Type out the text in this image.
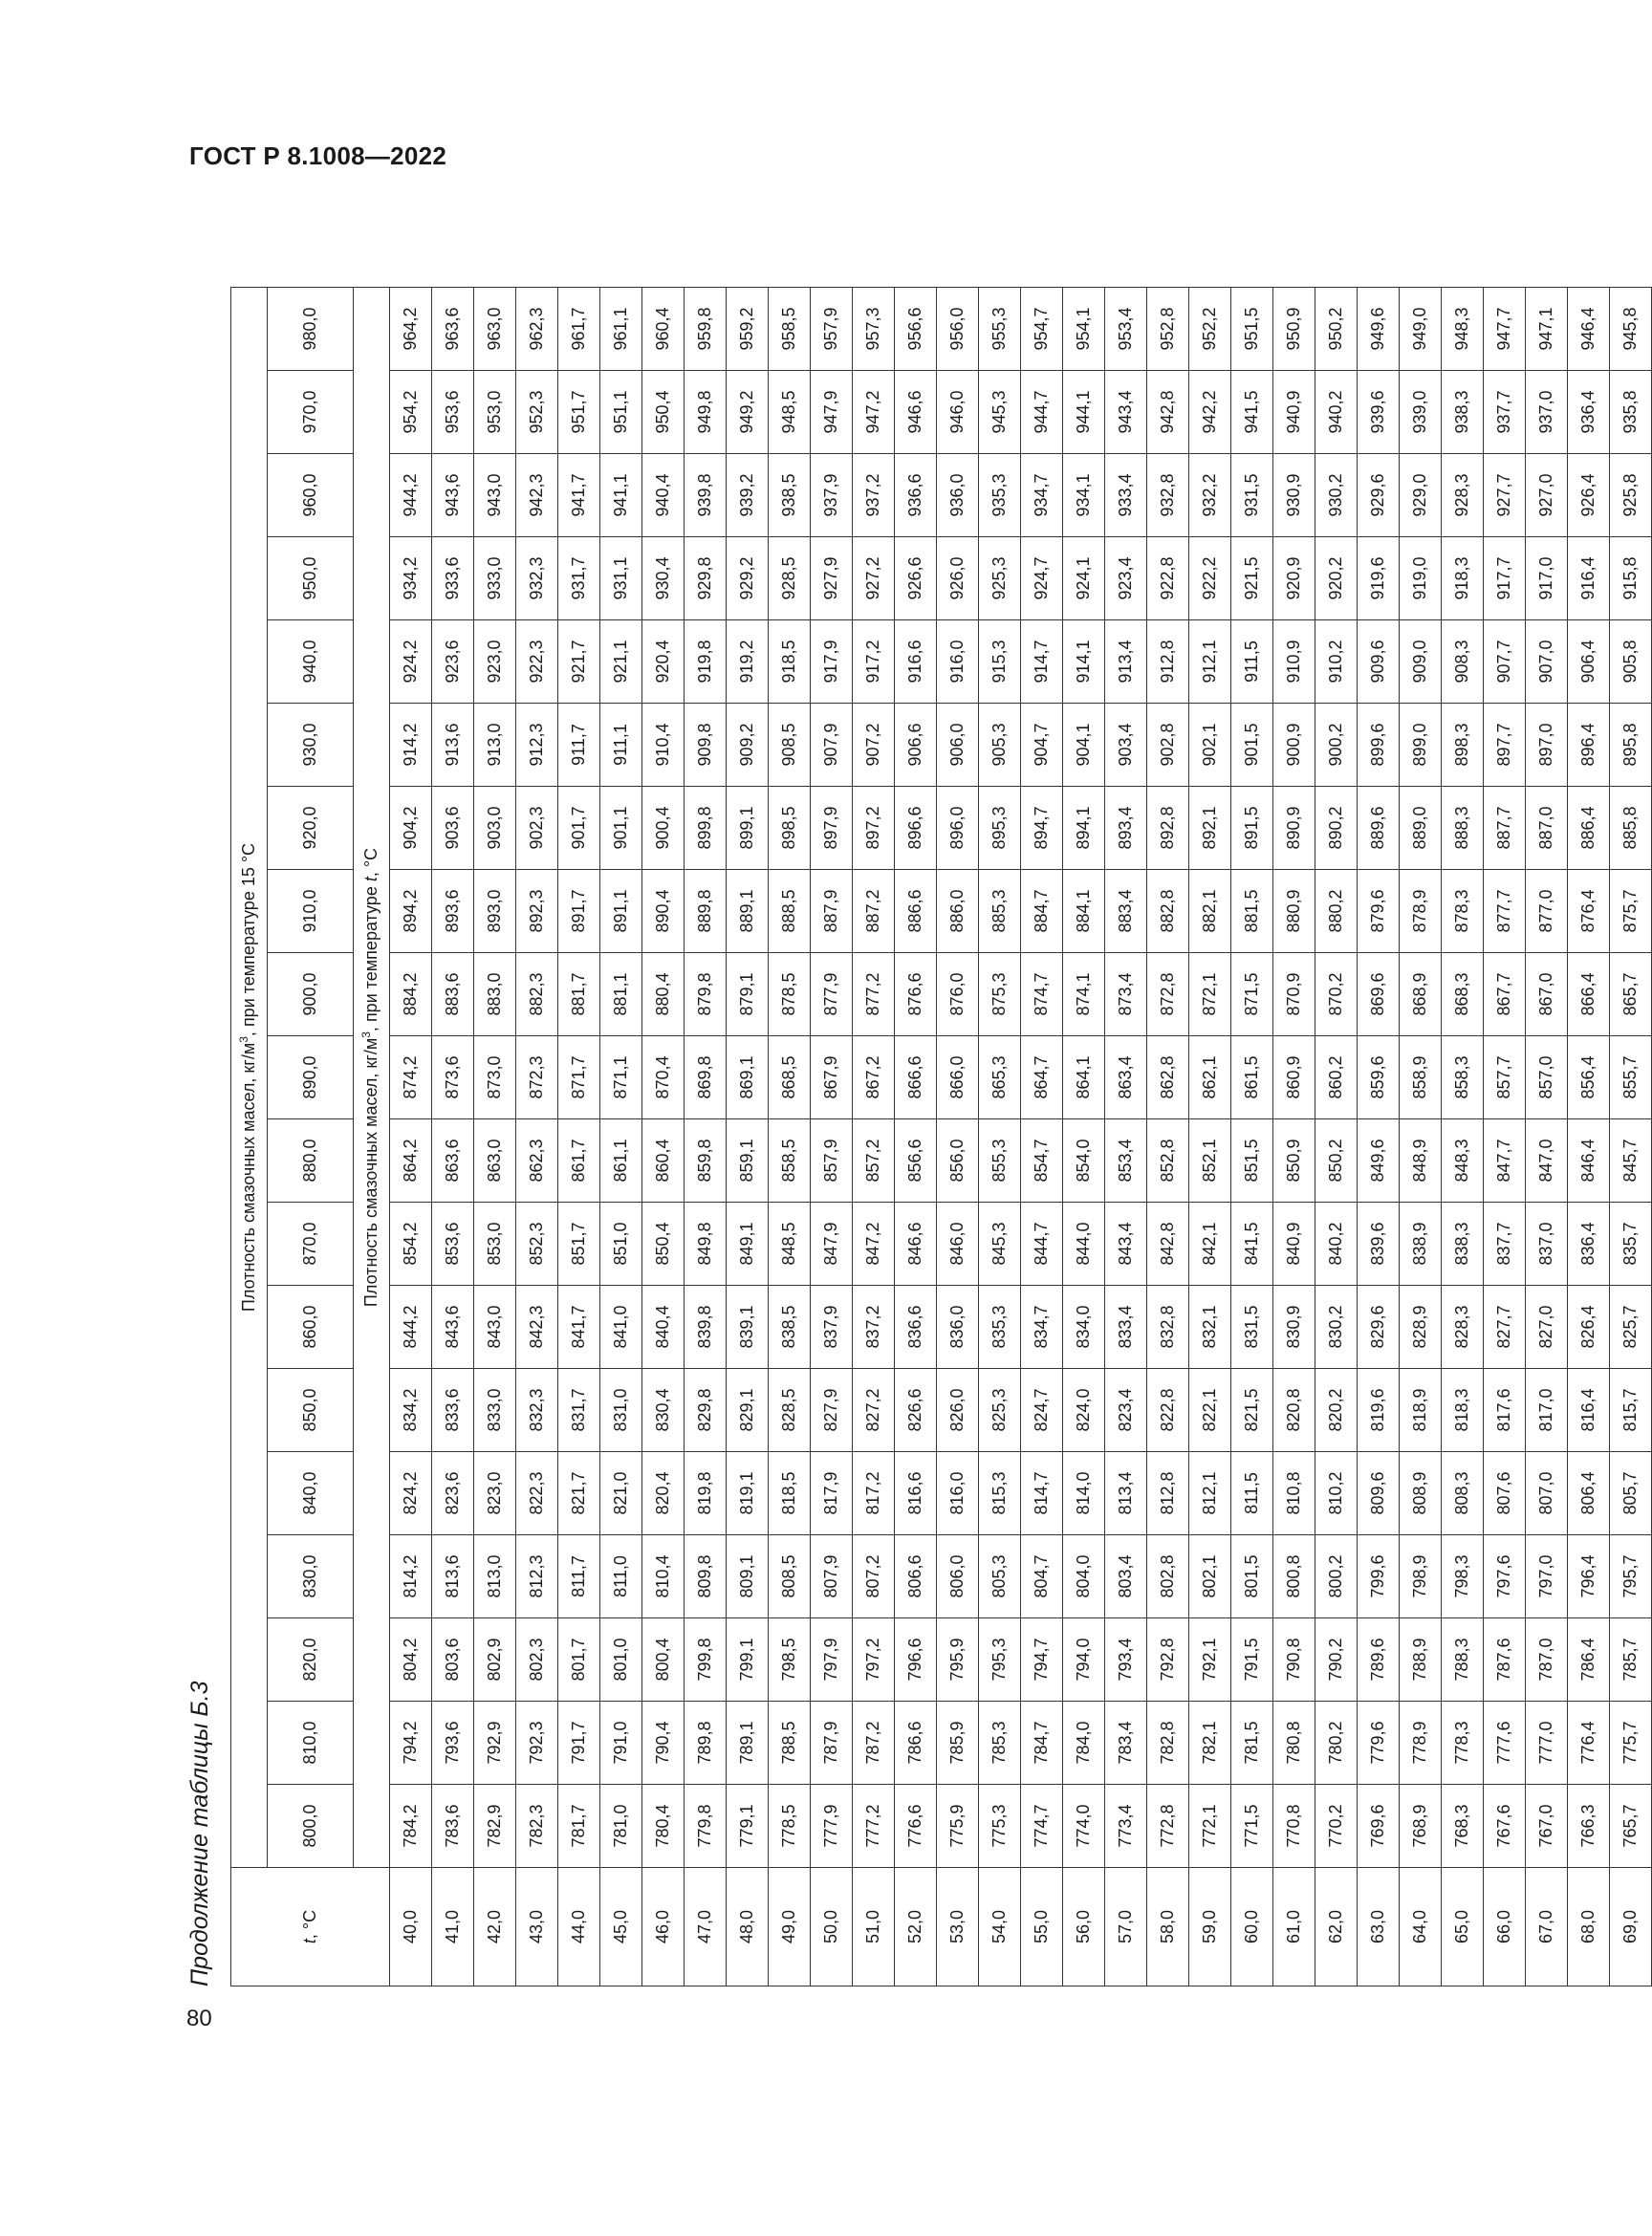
ГОСТ Р 8.1008—2022
80
Продолжение таблицы Б.3	t, °С	Плотность смазочных масел, $кг/м^3$, при температуре 15 °С																		
	800,0	810,0	820,0	830,0	840,0	850,0	860,0	870,0	880,0	890,0	900,0	910,0	920,0	930,0	940,0	950,0	960,0	970,0	980,0
	Плотность смазочных масел, $кг/м^3$, при температуре t, °С																		
40,0	784,2	794,2	804,2	814,2	824,2	834,2	844,2	854,2	864,2	874,2	884,2	894,2	904,2	914,2	924,2	934,2	944,2	954,2	964,2
41,0	783,6	793,6	803,6	813,6	823,6	833,6	843,6	853,6	863,6	873,6	883,6	893,6	903,6	913,6	923,6	933,6	943,6	953,6	963,6
42,0	782,9	792,9	802,9	813,0	823,0	833,0	843,0	853,0	863,0	873,0	883,0	893,0	903,0	913,0	923,0	933,0	943,0	953,0	963,0
43,0	782,3	792,3	802,3	812,3	822,3	832,3	842,3	852,3	862,3	872,3	882,3	892,3	902,3	912,3	922,3	932,3	942,3	952,3	962,3
44,0	781,7	791,7	801,7	811,7	821,7	831,7	841,7	851,7	861,7	871,7	881,7	891,7	901,7	911,7	921,7	931,7	941,7	951,7	961,7
45,0	781,0	791,0	801,0	811,0	821,0	831,0	841,0	851,0	861,1	871,1	881,1	891,1	901,1	911,1	921,1	931,1	941,1	951,1	961,1
46,0	780,4	790,4	800,4	810,4	820,4	830,4	840,4	850,4	860,4	870,4	880,4	890,4	900,4	910,4	920,4	930,4	940,4	950,4	960,4
47,0	779,8	789,8	799,8	809,8	819,8	829,8	839,8	849,8	859,8	869,8	879,8	889,8	899,8	909,8	919,8	929,8	939,8	949,8	959,8
48,0	779,1	789,1	799,1	809,1	819,1	829,1	839,1	849,1	859,1	869,1	879,1	889,1	899,1	909,2	919,2	929,2	939,2	949,2	959,2
49,0	778,5	788,5	798,5	808,5	818,5	828,5	838,5	848,5	858,5	868,5	878,5	888,5	898,5	908,5	918,5	928,5	938,5	948,5	958,5
50,0	777,9	787,9	797,9	807,9	817,9	827,9	837,9	847,9	857,9	867,9	877,9	887,9	897,9	907,9	917,9	927,9	937,9	947,9	957,9
51,0	777,2	787,2	797,2	807,2	817,2	827,2	837,2	847,2	857,2	867,2	877,2	887,2	897,2	907,2	917,2	927,2	937,2	947,2	957,3
52,0	776,6	786,6	796,6	806,6	816,6	826,6	836,6	846,6	856,6	866,6	876,6	886,6	896,6	906,6	916,6	926,6	936,6	946,6	956,6
53,0	775,9	785,9	795,9	806,0	816,0	826,0	836,0	846,0	856,0	866,0	876,0	886,0	896,0	906,0	916,0	926,0	936,0	946,0	956,0
54,0	775,3	785,3	795,3	805,3	815,3	825,3	835,3	845,3	855,3	865,3	875,3	885,3	895,3	905,3	915,3	925,3	935,3	945,3	955,3
55,0	774,7	784,7	794,7	804,7	814,7	824,7	834,7	844,7	854,7	864,7	874,7	884,7	894,7	904,7	914,7	924,7	934,7	944,7	954,7
56,0	774,0	784,0	794,0	804,0	814,0	824,0	834,0	844,0	854,0	864,1	874,1	884,1	894,1	904,1	914,1	924,1	934,1	944,1	954,1
57,0	773,4	783,4	793,4	803,4	813,4	823,4	833,4	843,4	853,4	863,4	873,4	883,4	893,4	903,4	913,4	923,4	933,4	943,4	953,4
58,0	772,8	782,8	792,8	802,8	812,8	822,8	832,8	842,8	852,8	862,8	872,8	882,8	892,8	902,8	912,8	922,8	932,8	942,8	952,8
59,0	772,1	782,1	792,1	802,1	812,1	822,1	832,1	842,1	852,1	862,1	872,1	882,1	892,1	902,1	912,1	922,2	932,2	942,2	952,2
60,0	771,5	781,5	791,5	801,5	811,5	821,5	831,5	841,5	851,5	861,5	871,5	881,5	891,5	901,5	911,5	921,5	931,5	941,5	951,5
61,0	770,8	780,8	790,8	800,8	810,8	820,8	830,9	840,9	850,9	860,9	870,9	880,9	890,9	900,9	910,9	920,9	930,9	940,9	950,9
62,0	770,2	780,2	790,2	800,2	810,2	820,2	830,2	840,2	850,2	860,2	870,2	880,2	890,2	900,2	910,2	920,2	930,2	940,2	950,2
63,0	769,6	779,6	789,6	799,6	809,6	819,6	829,6	839,6	849,6	859,6	869,6	879,6	889,6	899,6	909,6	919,6	929,6	939,6	949,6
64,0	768,9	778,9	788,9	798,9	808,9	818,9	828,9	838,9	848,9	858,9	868,9	878,9	889,0	899,0	909,0	919,0	929,0	939,0	949,0
65,0	768,3	778,3	788,3	798,3	808,3	818,3	828,3	838,3	848,3	858,3	868,3	878,3	888,3	898,3	908,3	918,3	928,3	938,3	948,3
66,0	767,6	777,6	787,6	797,6	807,6	817,6	827,7	837,7	847,7	857,7	867,7	877,7	887,7	897,7	907,7	917,7	927,7	937,7	947,7
67,0	767,0	777,0	787,0	797,0	807,0	817,0	827,0	837,0	847,0	857,0	867,0	877,0	887,0	897,0	907,0	917,0	927,0	937,0	947,1
68,0	766,3	776,4	786,4	796,4	806,4	816,4	826,4	836,4	846,4	856,4	866,4	876,4	886,4	896,4	906,4	916,4	926,4	936,4	946,4
69,0	765,7	775,7	785,7	795,7	805,7	815,7	825,7	835,7	845,7	855,7	865,7	875,7	885,8	895,8	905,8	915,8	925,8	935,8	945,8
